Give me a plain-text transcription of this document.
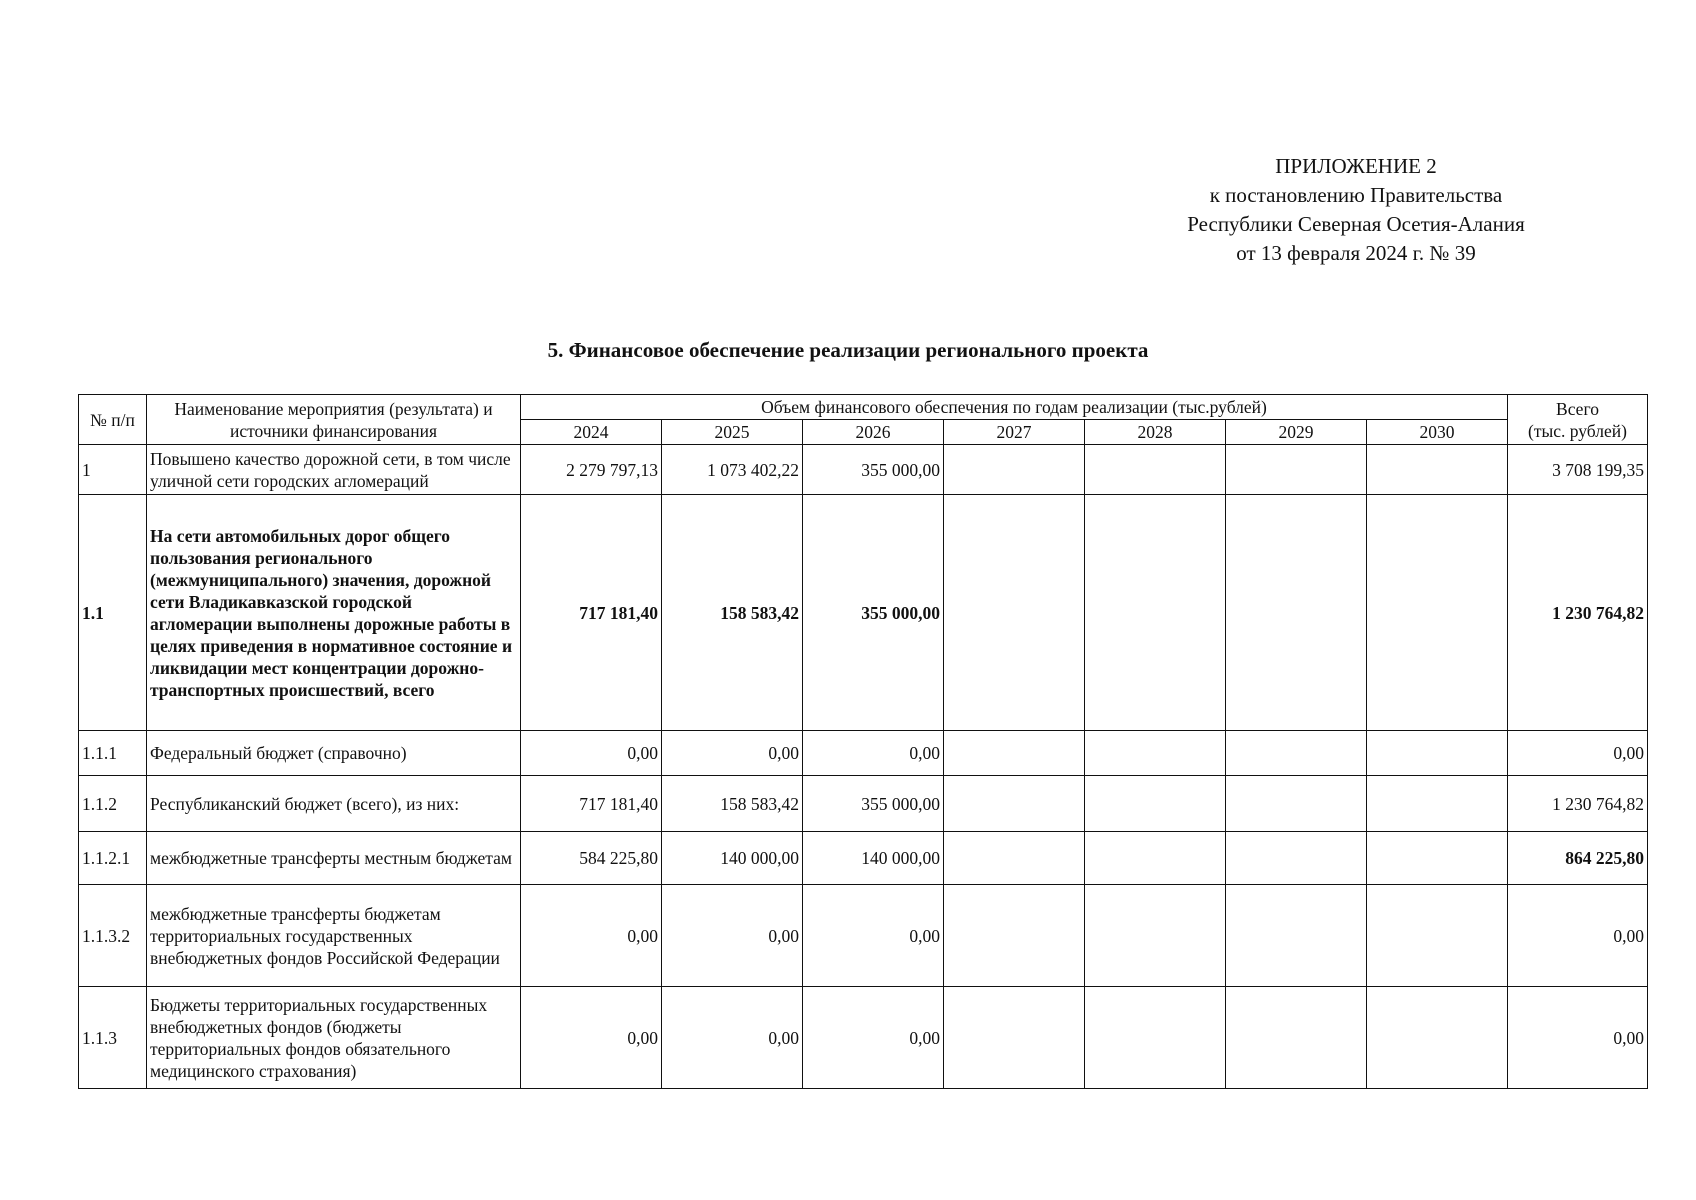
ПРИЛОЖЕНИЕ 2
к постановлению Правительства
Республики Северная Осетия-Алания
от 13 февраля 2024 г. № 39
5. Финансовое обеспечение реализации регионального проекта
№ п/п	Наименование мероприятия (результата) и источники финансирования	Объем финансового обеспечения по годам реализации (тыс.рублей)							Всего
(тыс. рублей)

		2024	2025	2026	2027	2028	2029	2030	
1	Повышено качество дорожной сети, в том числе уличной сети городских агломераций	2 279 797,13	1 073 402,22	355 000,00					3 708 199,35
1.1	На сети автомобильных дорог общего пользования регионального (межмуниципального) значения, дорожной сети Владикавказской городской агломерации выполнены дорожные работы в целях приведения в нормативное состояние и ликвидации мест концентрации дорожно-транспортных происшествий, всего	717 181,40	158 583,42	355 000,00					1 230 764,82
1.1.1	Федеральный бюджет (справочно)	0,00	0,00	0,00					0,00
1.1.2	Республиканский бюджет (всего), из них:	717 181,40	158 583,42	355 000,00					1 230 764,82
1.1.2.1	межбюджетные трансферты местным бюджетам	584 225,80	140 000,00	140 000,00					864 225,80
1.1.3.2	межбюджетные трансферты бюджетам территориальных государственных внебюджетных фондов Российской Федерации	0,00	0,00	0,00					0,00
1.1.3	Бюджеты территориальных государственных внебюджетных фондов (бюджеты территориальных фондов обязательного медицинского страхования)	0,00	0,00	0,00					0,00
